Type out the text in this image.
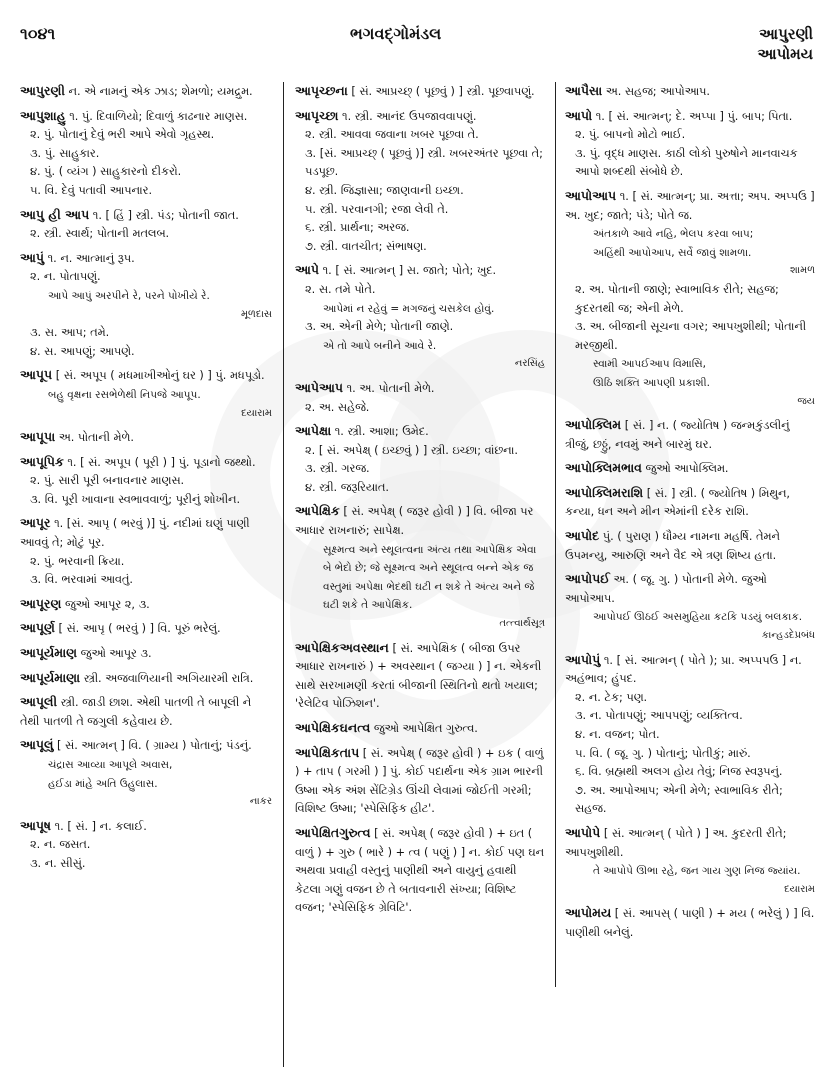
૧૦૪૧	ભગવદ્ગોમંડલ	આપુરણી
આપોમય
આપુરણી ન. એ નામનું એક ઝાડ; શેમળો; યમદ્રુમ.
આપુશાહુ ૧. પું. દિવાળિયો; દિવાળું કાઢનાર માણસ.
૨. પું. પોતાનું દેવું ભરી આપે એવો ગૃહસ્થ.
૩. પું. સાહુકાર.
૪. પું. ( વ્યંગ ) સાહુકારનો દીકરો.
૫. વિ. દેવું પતાવી આપનાર.
આપુ હી આપ ૧. [ હિં ] સ્ત્રી. પંડ; પોતાની જાત.
૨. સ્ત્રી. સ્વાર્થ; પોતાની મતલબ.
આપું ૧. ન. આત્માનું રૂપ.
૨. ન. પોતાપણું.
આપે આપું અરપીને રે, પરને પોખીયે રે.
મૂળદાસ
૩. સ. આપ; તમે.
૪. સ. આપણું; આપણે.
આપૂપ [ સં. અપૂપ ( મધમાખીઓનું ઘર ) ] પું. મધપૂડો.
બહુ વૃક્ષના રસભેળેથી નિપજે આપૂપ.
દયારામ
આપૂપા અ. પોતાની મેળે.
આપૂપિક ૧. [ સં. અપૂપ ( પૂરી ) ] પું. પૂડાનો જથ્થો.
૨. પું. સારી પૂરી બનાવનાર માણસ.
૩. વિ. પૂરી ખાવાના સ્વભાવવાળું; પૂરીનું શોખીન.
આપૂર ૧. [સં. આપૃ ( ભરવું )] પું. નદીમાં ઘણું પાણી આવવું તે; મોટું પૂર.
૨. પું. ભરવાની ક્રિયા.
૩. વિ. ભરવામાં આવતું.
આપૂરણ જુઓ આપૂર ૨, ૩.
આપૂર્ણ [ સં. આપૃ ( ભરવું ) ] વિ. પૂરું ભરેલું.
આપૂર્યમાણ જુઓ આપૂર ૩.
આપૂર્યમાણા સ્ત્રી. અજવાળિયાની અગિયારમી રાત્રિ.
આપૂલી સ્ત્રી. જાડી છાશ. એથી પાતળી તે બાપૂલી ને તેથી પાતળી તે જગુલી કહેવાય છે.
આપૂલું [ સં. આત્મન્ ] વિ. ( ગ્રામ્ય ) પોતાનું; પંડનું.
ચંદ્રાસ આવ્યા આપૂલે અવાસ,
હઈડા માંહે અતિ ઉહુલાસ.
નાકર
આપૂષ ૧. [ સં. ] ન. કલાઈ.
૨. ન. જસત.
૩. ન. સીસું.
આપૃચ્છના [ સં. આપ્રચ્છ્ ( પૂછવું ) ] સ્ત્રી. પૂછવાપણું.
આપૃચ્છા ૧. સ્ત્રી. આનંદ ઉપજાવવાપણું.
૨. સ્ત્રી. આવવા જવાના ખબર પૂછવા તે.
૩. [સં. આપ્રચ્છ્ ( પૂછવું )] સ્ત્રી. ખબરઅંતર પૂછવા તે; પડપૂછ.
૪. સ્ત્રી. જિજ્ઞાસા; જાણવાની ઇચ્છા.
૫. સ્ત્રી. પરવાનગી; રજા લેવી તે.
૬. સ્ત્રી. પ્રાર્થના; અરજ.
૭. સ્ત્રી. વાતચીત; સંભાષણ.
આપે ૧. [ સં. આત્મન્ ] સ. જાતે; પોતે; ખુદ.
૨. સ. તમે પોતે.
આપેમાં ન રહેવું = મગજનું ચસકેલ હોવું.
૩. અ. એની મેળે; પોતાની જાણે.
એ તો આપે બનીને આવે રે.
નરસિંહ
આપેઆપ ૧. અ. પોતાની મેળે.
૨. અ. સહેજે.
આપેક્ષા ૧. સ્ત્રી. આશા; ઉમેદ.
૨. [ સં. અપેક્ષ્ ( ઇચ્છવું ) ] સ્ત્રી. ઇચ્છા; વાંછના.
૩. સ્ત્રી. ગરજ.
૪. સ્ત્રી. જરૂરિયાત.
આપેક્ષિક [ સં. અપેક્ષ્ ( જરૂર હોવી ) ] વિ. બીજા પર આધાર રાખનારું; સાપેક્ષ.
સૂક્ષ્મત્વ અને સ્થૂલત્વના અંત્ય તથા આપેક્ષિક એવા બે ભેદો છે; જે સૂક્ષ્મત્વ અને સ્થૂલત્વ બન્ને એક જ વસ્તુમાં અપેક્ષા ભેદથી ઘટી ન શકે તે અંત્ય અને જે ઘટી શકે તે આપેક્ષિક.
તત્ત્વાર્થસૂત્ર
આપેક્ષિકઅવસ્થાન [ સં. આપેક્ષિક ( બીજા ઉપર આધાર રાખનારું ) + અવસ્થાન ( જગ્યા ) ] ન. એકની સાથે સરખામણી કરતાં બીજાની સ્થિતિનો થતો ખયાલ; 'રેલેટિવ પોઝિશન'.
આપેક્ષિકઘનત્વ જુઓ આપેક્ષિત ગુરુત્વ.
આપેક્ષિકતાપ [ સં. અપેક્ષ્ ( જરૂર હોવી ) + ઇક ( વાળું ) + તાપ ( ગરમી ) ] પું. કોઈ પદાર્થના એક ગ્રામ ભારની ઉષ્મા એક અંશ સેંટિગ્રેડ ઊંચી લેવામાં જોઈતી ગરમી; વિશિષ્ટ ઉષ્મા; 'સ્પેસિફિક હીટ'.
આપેક્ષિતગુરુત્વ [ સં. અપેક્ષ્ ( જરૂર હોવી ) + ઇત ( વાળું ) + ગુરુ ( ભારે ) + ત્વ ( પણું ) ] ન. કોઈ પણ ઘન અથવા પ્રવાહી વસ્તુનું પાણીથી અને વાયુનું હવાથી કેટલા ગણું વજન છે તે બતાવનારી સંખ્યા; વિશિષ્ટ વજન; 'સ્પેસિફિક ગ્રેવિટિ'.
આપૈસા અ. સહજ; આપોઆપ.
આપો ૧. [ સં. આત્મન્; દે. અપ્પા ] પું. બાપ; પિતા.
૨. પું. બાપનો મોટો ભાઈ.
૩. પું. વૃદ્ધ માણસ. કાઠી લોકો પુરુષોને માનવાચક આપો શબ્દથી સંબોધે છે.
આપોઆપ ૧. [ સં. આત્મન્; પ્રા. અત્તા; અપ. અપ્પઉ ] અ. ખુદ; જાતે; પંડે; પોતે જ.
અંતકાળે આવે નહિ, ભેલપ કરવા બાપ;
અહિંથી આપોઆપ, સર્વે જાવું શામળા.
શામળ
૨. અ. પોતાની જાણે; સ્વાભાવિક રીતે; સહજ; કુદરતથી જ; એની મેળે.
૩. અ. બીજાની સૂચના વગર; આપખુશીથી; પોતાની મરજીથી.
સ્વામી આપઈઆપ વિમાસિ,
ઊઠિ શક્તિ આપણી પ્રકાશી.
જય
આપોક્લિમ [ સં. ] ન. ( જ્યોતિષ ) જન્મકુંડલીનું ત્રીજું, છઠ્ઠું, નવમું અને બારમું ઘર.
આપોક્લિમભાવ જુઓ આપોક્લિમ.
આપોક્લિમરાશિ [ સં. ] સ્ત્રી. ( જ્યોતિષ ) મિથુન, કન્યા, ધન અને મીન એમાંની દરેક રાશિ.
આપોદ પું. ( પુરાણ ) ધૌમ્ય નામના મહર્ષિ. તેમને ઉપમન્યુ, આરુણિ અને વૈદ એ ત્રણ શિષ્ય હતા.
આપોપઈ અ. ( જૂ. ગુ. ) પોતાની મેળે. જુઓ આપોઆપ.
આપોપઈ ઊઠઈ અસમુહિયા કટકિ પડયું બલકાક.
કાન્હડદેપ્રબંધ
આપોપું ૧. [ સં. આત્મન્ ( પોતે ); પ્રા. અપ્પપઉ ] ન. અહંભાવ; હુંપદ.
૨. ન. ટેક; પણ.
૩. ન. પોતાપણું; આપપણું; વ્યક્તિત્વ.
૪. ન. વજન; પોત.
૫. વિ. ( જૂ. ગુ. ) પોતાનું; પોતીકું; મારું.
૬. વિ. બ્રહ્મથી અલગ હોય તેવું; નિજ સ્વરૂપનું.
૭. અ. આપોઆપ; એની મેળે; સ્વાભાવિક રીતે; સહજ.
આપોપે [ સં. આત્મન્ ( પોતે ) ] અ. કુદરતી રીતે; આપખુશીથી.
તે આપોપે ઊભા રહે, જન ગાય ગુણ નિજ જ્યાંય.
દયારામ
આપોમય [ સં. આપસ્ ( પાણી ) + મય ( ભરેલું ) ] વિ. પાણીથી બનેલું.
